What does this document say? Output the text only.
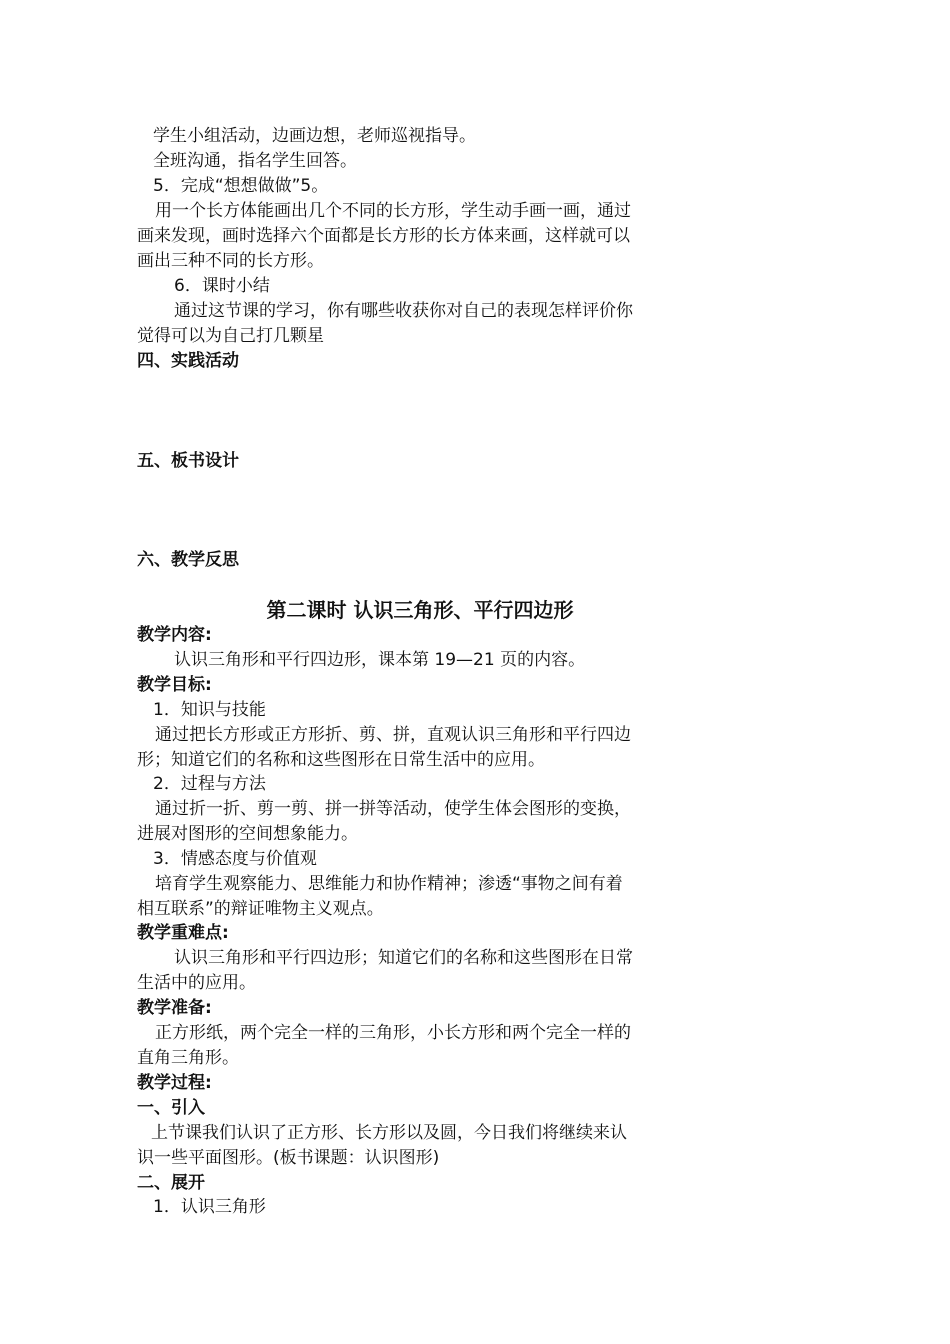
学生小组活动，边画边想，老师巡视指导。
全班沟通，指名学生回答。
5．完成“想想做做”5。
用一个长方体能画出几个不同的长方形，学生动手画一画，通过
画来发现，画时选择六个面都是长方形的长方体来画，这样就可以
画出三种不同的长方形。
6．课时小结
通过这节课的学习，你有哪些收获你对自己的表现怎样评价你
觉得可以为自己打几颗星
四、实践活动
五、板书设计
六、教学反思
第二课时 认识三角形、平行四边形
教学内容:
认识三角形和平行四边形，课本第 19—21 页的内容。
教学目标:
1．知识与技能
通过把长方形或正方形折、剪、拼，直观认识三角形和平行四边
形；知道它们的名称和这些图形在日常生活中的应用。
2．过程与方法
通过折一折、剪一剪、拼一拼等活动，使学生体会图形的变换，
进展对图形的空间想象能力。
3．情感态度与价值观
培育学生观察能力、思维能力和协作精神；渗透“事物之间有着
相互联系”的辩证唯物主义观点。
教学重难点:
认识三角形和平行四边形；知道它们的名称和这些图形在日常
生活中的应用。
教学准备:
正方形纸，两个完全一样的三角形，小长方形和两个完全一样的
直角三角形。
教学过程:
一、引入
上节课我们认识了正方形、长方形以及圆，今日我们将继续来认
识一些平面图形。(板书课题：认识图形)
二、展开
1．认识三角形
